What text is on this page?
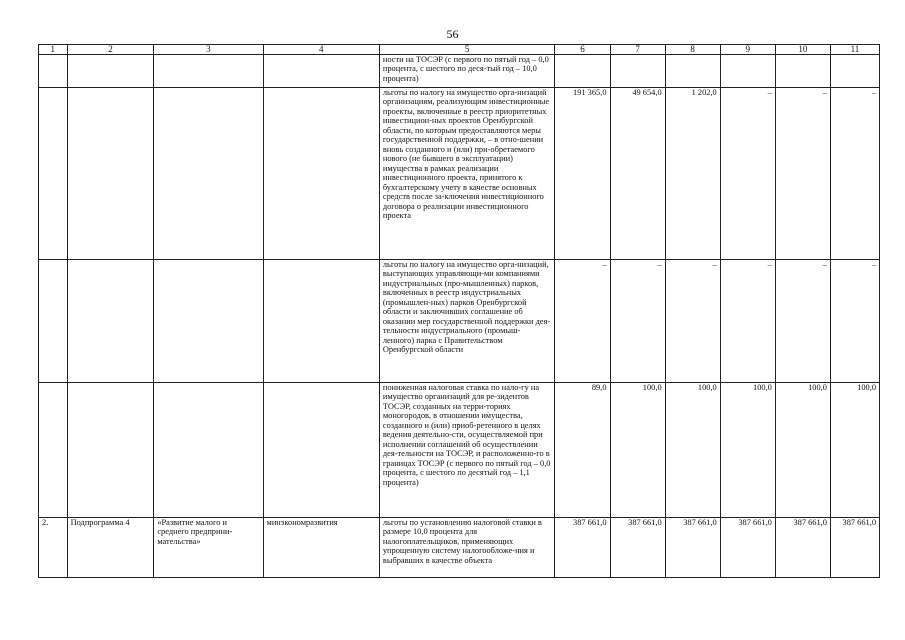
56
1	2	3	4	5	6	7	8	9	10	11
				ности на ТОСЭР (с первого по пятый год – 0,0 процента, с шестого по деся-тый год – 10,0 процента)						
				льготы по налогу на имущество орга-низаций организациям, реализующим инвестиционные проекты, включенные в реестр приоритетных инвестицион-ных проектов Оренбургской области, по которым предоставляются меры государственной поддержки, – в отно-шении вновь созданного и (или) при-обретаемого нового (не бывшего в эксплуатации) имущества в рамках реализации инвестиционного проекта, принятого к бухгалтерскому учету в качестве основных средств после за-ключения инвестиционного договора о реализации инвестиционного проекта	191 365,0	49 654,0	1 202,0	–	–	–
				льготы по налогу на имущество орга-низаций, выступающих управляющи-ми компаниями индустриальных (про-мышленных) парков, включенных в реестр индустриальных (промышлен-ных) парков Оренбургской области и заключивших соглашение об оказании мер государственной поддержки дея-тельности индустриального (промыш-ленного) парка с Правительством Оренбургской области	–	–	–	–	–	–
				пониженная налоговая ставка по нало-гу на имущество организаций для ре-зидентов ТОСЭР, созданных на терри-ториях моногородов, в отношении имущества, созданного и (или) приоб-ретенного в целях ведения деятельно-сти, осуществляемой при исполнении соглашений об осуществлении дея-тельности на ТОСЭР, и расположенно-го в границах ТОСЭР (с первого по пятый год – 0,0 процента, с шестого по десятый год – 1,1 процента)	89,0	100,0	100,0	100,0	100,0	100,0
2.	Подпрограмма 4	«Развитие малого и среднего предприни-мательства»	минэкономразвития	льготы по установлению налоговой ставки в размере 10,0 процента для налогоплательщиков, применяющих упрощенную систему налогообложе-ния и выбравших в качестве объекта	387 661,0	387 661,0	387 661,0	387 661,0	387 661,0	387 661,0
